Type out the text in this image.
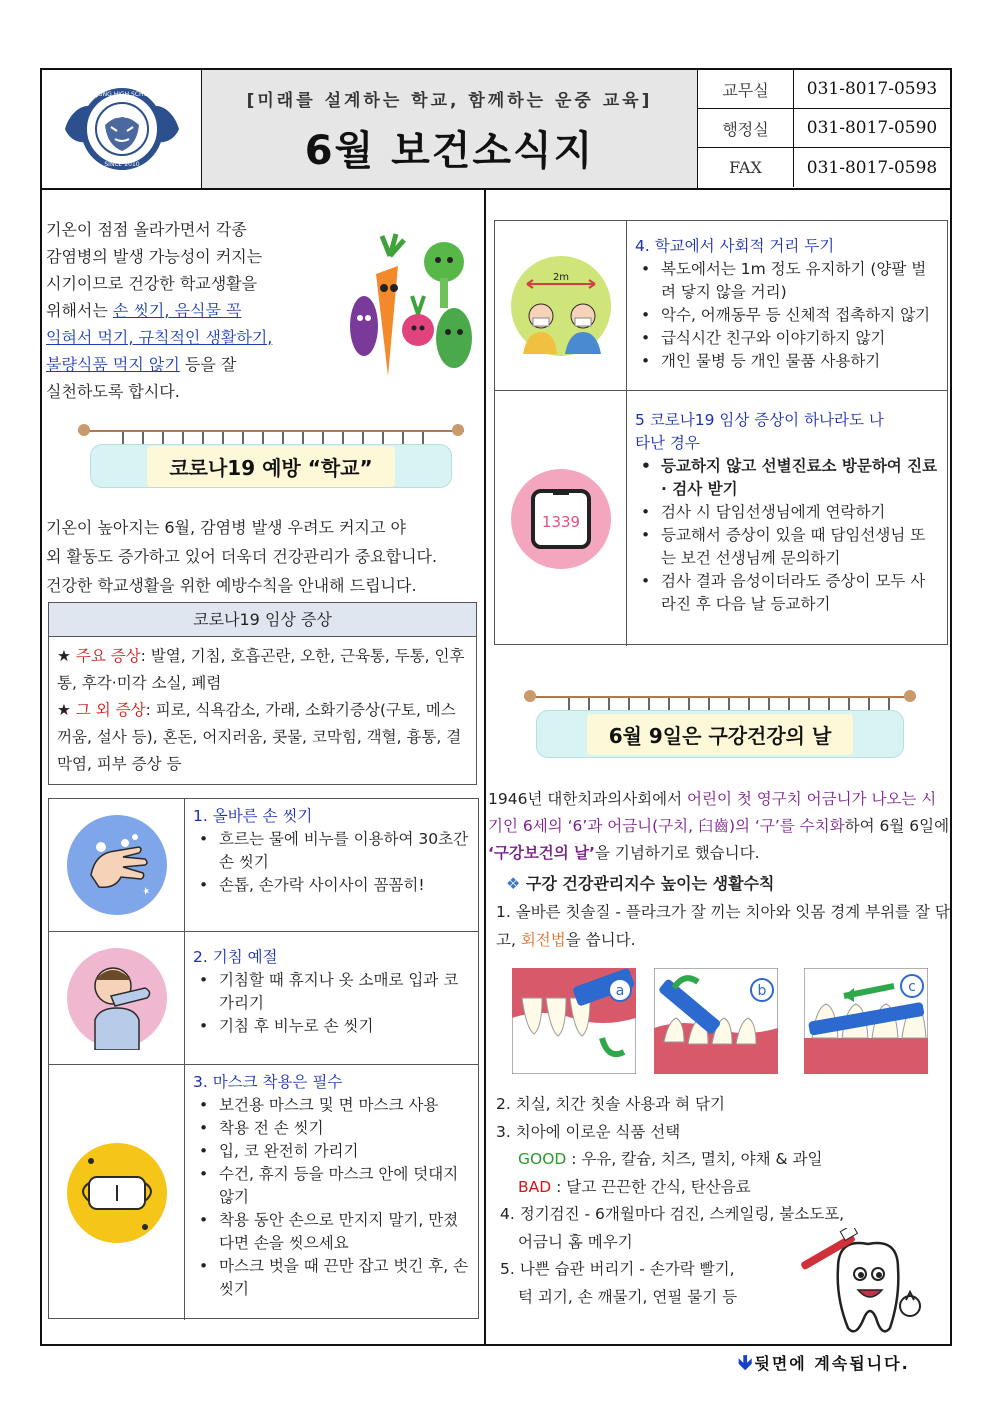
운중
UNJUNG HIGH SCHOOL
SINCE 2010
[미래를 설계하는 학교, 함께하는 운중 교육]
6월 보건소식지
교무실	031-8017-0593
행정실	031-8017-0590
FAX	031-8017-0598
기온이 점점 올라가면서 각종
감염병의 발생 가능성이 커지는
시기이므로 건강한 학교생활을
위해서는 손 씻기, 음식물 꼭
익혀서 먹기, 규칙적인 생활하기,
불량식품 먹지 않기 등을 잘
실천하도록 합시다.
코로나19 예방 “학교”
기온이 높아지는 6월, 감염병 발생 우려도 커지고 야
외 활동도 증가하고 있어 더욱더 건강관리가 중요합니다.
건강한 학교생활을 위한 예방수칙을 안내해 드립니다.
코로나19 임상 증상
★ 주요 증상: 발열, 기침, 호흡곤란, 오한, 근육통, 두통, 인후통, 후각·미각 소실, 폐렴
★ 그 외 증상: 피로, 식욕감소, 가래, 소화기증상(구토, 메스꺼움, 설사 등), 혼돈, 어지러움, 콧물, 코막힘, 객혈, 흉통, 결막염, 피부 증상 등
1. 올바른 손 씻기
• 흐르는 물에 비누를 이용하여 30초간 손 씻기
• 손톱, 손가락 사이사이 꼼꼼히!
2. 기침 예절
• 기침할 때 휴지나 옷 소매로 입과 코 가리기
• 기침 후 비누로 손 씻기
3. 마스크 착용은 필수
• 보건용 마스크 및 면 마스크 사용
• 착용 전 손 씻기
• 입, 코 완전히 가리기
• 수건, 휴지 등을 마스크 안에 덧대지 않기
• 착용 동안 손으로 만지지 말기, 만졌다면 손을 씻으세요
• 마스크 벗을 때 끈만 잡고 벗긴 후, 손 씻기
2m
4. 학교에서 사회적 거리 두기
• 복도에서는 1m 정도 유지하기 (양팔 벌려 닿지 않을 거리)
• 악수, 어깨동무 등 신체적 접촉하지 않기
• 급식시간 친구와 이야기하지 않기
• 개인 물병 등 개인 물품 사용하기
1339
5 코로나19 임상 증상이 하나라도 나타난 경우
• 등교하지 않고 선별진료소 방문하여 진료 · 검사 받기
• 검사 시 담임선생님에게 연락하기
• 등교해서 증상이 있을 때 담임선생님 또는 보건 선생님께 문의하기
• 검사 결과 음성이더라도 증상이 모두 사라진 후 다음 날 등교하기
6월 9일은 구강건강의 날
1946년 대한치과의사회에서 어린이 첫 영구치 어금니가 나오는 시기인 6세의 ‘6’과 어금니(구치, 臼齒)의 ‘구’를 수치화하여 6월 6일에 ‘구강보건의 날’을 기념하기로 했습니다.
❖ 구강 건강관리지수 높이는 생활수칙
1. 올바른 칫솔질 - 플라크가 잘 끼는 치아와 잇몸 경계 부위를 잘 닦고, 회전법을 씁니다.
a	b	c
2. 치실, 치간 칫솔 사용과 혀 닦기
3. 치아에 이로운 식품 선택
GOOD : 우유, 칼슘, 치즈, 멸치, 야채 & 과일
BAD : 달고 끈끈한 간식, 탄산음료
4. 정기검진 - 6개월마다 검진, 스케일링, 불소도포,
어금니 홈 메우기
5. 나쁜 습관 버리기 - 손가락 빨기,
턱 괴기, 손 깨물기, 연필 물기 등
🡻뒷면에 계속됩니다.
